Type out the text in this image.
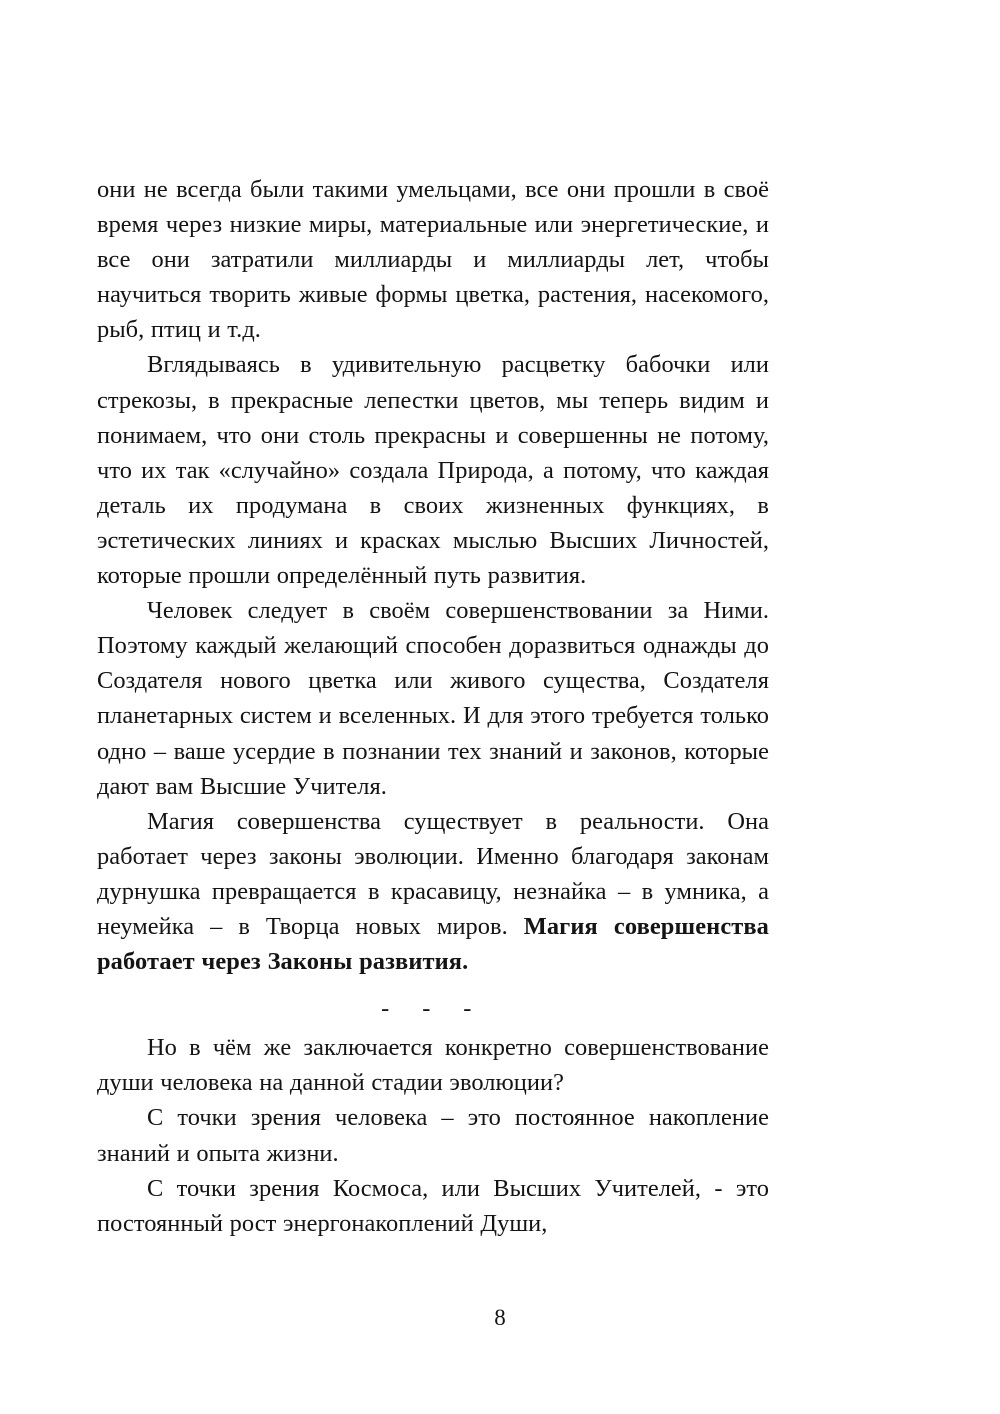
они не всегда были такими умельцами, все они прошли в своё время через низкие миры, материальные или энергетические, и все они затратили миллиарды и миллиарды лет, чтобы научиться творить живые формы цветка, растения, насекомого, рыб, птиц и т.д.

Вглядываясь в удивительную расцветку бабочки или стрекозы, в прекрасные лепестки цветов, мы теперь видим и понимаем, что они столь прекрасны и совершенны не потому, что их так «случайно» создала Природа, а потому, что каждая деталь их продумана в своих жизненных функциях, в эстетических линиях и красках мыслью Высших Личностей, которые прошли определённый путь развития.

Человек следует в своём совершенствовании за Ними. Поэтому каждый желающий способен доразвиться однажды до Создателя нового цветка или живого существа, Создателя планетарных систем и вселенных. И для этого требуется только одно – ваше усердие в познании тех знаний и законов, которые дают вам Высшие Учителя.

Магия совершенства существует в реальности. Она работает через законы эволюции. Именно благодаря законам дурнушка превращается в красавицу, незнайка – в умника, а неумейка – в Творца новых миров. Магия совершенства работает через Законы развития.

- - -

Но в чём же заключается конкретно совершенствование души человека на данной стадии эволюции?

С точки зрения человека – это постоянное накопление знаний и опыта жизни.

С точки зрения Космоса, или Высших Учителей, - это постоянный рост энергонакоплений Души,

8
